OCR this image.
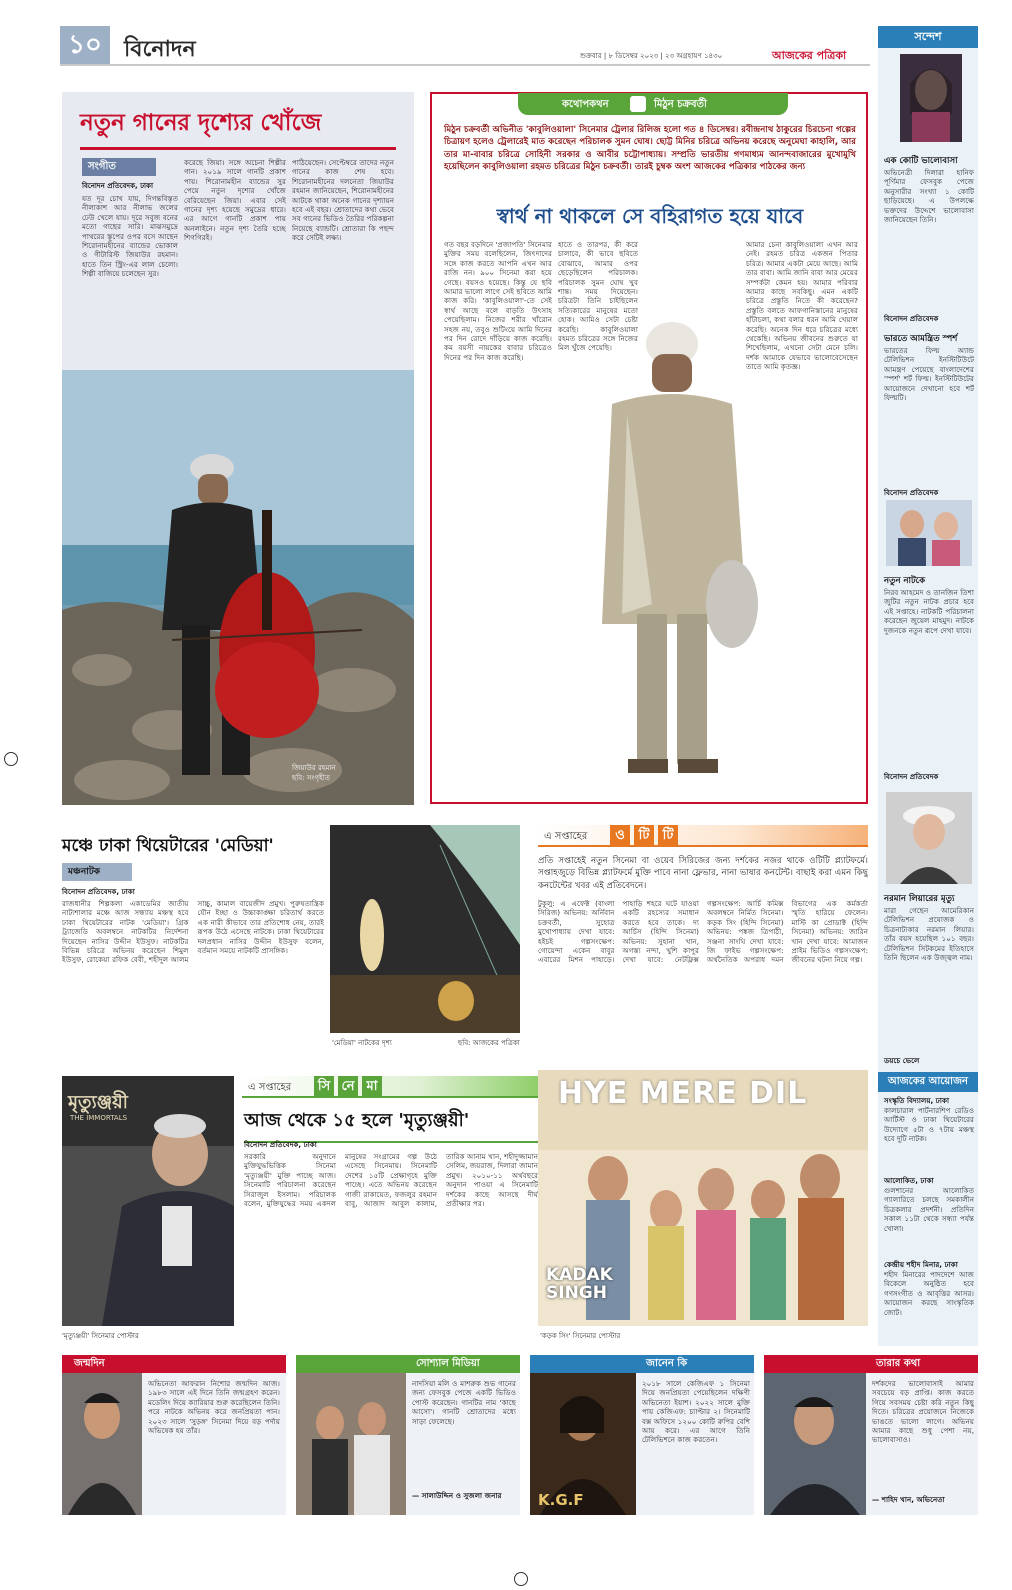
১০	বিনোদন	শুক্রবার | ৮ ডিসেম্বর ২০২৩ | ২৩ অগ্রহায়ণ ১৪৩০	আজকের পত্রিকা
নতুন গানের দৃশ্যের খোঁজে
সংগীত
বিনোদন প্রতিবেদক, ঢাকা
যত দূর চোখ যায়, দিগন্তবিস্তৃত নীলাকাশ আর নীলাভ জলের ঢেউ খেলে যায়। দূরে সবুজ বনের মতো গাছের সারি। মাঝসমুদ্রে পাথরের স্তূপের ওপর বসে আছেন শিরোনামহীনের ব্যান্ডের ভোকাল ও গীটারিস্ট জিয়াউর রহমান। হাতে তিন স্ট্রিং-এর লাল চেলো। শিল্পী বাজিয়ে চলেছেন সুর।
করেছে জিয়া। সঙ্গে অচেনা শিল্পীর গান। ২০১৯ সালে গানটি প্রকাশ পায়। শিরোনামহীন ব্যান্ডের সুর পেয়ে নতুন দৃশ্যের খোঁজে বেরিয়েছেন জিয়া। এবার সেই গানের দৃশ্য হয়েছে সমুদ্রের ধারে। এর আগে গানটি প্রকাশ পায় অনলাইনে। নতুন দৃশ্য তৈরি হচ্ছে শিগগিরই।
পাঠিয়েছেন। সেপ্টেম্বরে তাদের নতুন গানের কাজ শেষ হবে। শিরোনামহীনের দলনেতা জিয়াউর রহমান জানিয়েছেন, শিরোনামহীনের আটকে থাকা অনেক গানের দৃশ্যায়ন হবে এই বছর। শ্রোতাদের কথা ভেবে সব গানের ভিডিও তৈরির পরিকল্পনা নিয়েছে ব্যান্ডটি। শ্রোতারা কি পছন্দ করে সেটিই লক্ষ্য।
জিয়াউর রহমান
ছবি: সংগৃহীত
কথোপকথন	মিঠুন চক্রবর্তী
মিঠুন চক্রবর্তী অভিনীত 'কাবুলিওয়ালা' সিনেমার ট্রেলার রিলিজ হলো গত ৪ ডিসেম্বর। রবীন্দ্রনাথ ঠাকুরের চিরচেনা গল্পের চিত্রায়ণ হলেও ট্রেলারেই মাত করেছেন পরিচালক সুমন ঘোষ। ছোট্ট মিনির চরিত্রে অভিনয় করেছে অনুমেঘা কাহালি, আর তার মা-বাবার চরিত্রে সোহিনী সরকার ও আবীর চট্টোপাধ্যায়। সম্প্রতি ভারতীয় গণমাধ্যম আনন্দবাজারের মুখোমুখি হয়েছিলেন কাবুলিওয়ালা রহমত চরিত্রের মিঠুন চক্রবর্তী। তারই চুম্বক অংশ আজকের পত্রিকার পাঠকের জন্য
স্বার্থ না থাকলে সে বহিরাগত হয়ে যাবে
গত বছর বড়দিনে 'প্রজাপতি' সিনেমার মুক্তির সময় বলেছিলেন, জিৎদাদের সঙ্গে কাজ করতে আপনি এখন আর রাজি নন। ৯০০ সিনেমা করা হয়ে গেছে। বয়সও হয়েছে। কিন্তু যে ছবি আমার ভালো লাগে সেই ছবিতে আমি কাজ করি। 'কাবুলিওয়ালা'-তে সেই স্বার্থ আছে বলে বাড়তি উৎসাহ পেয়েছিলাম। নিজের শরীর খাঁরোন সহজ নয়, তবুও শুটিংয়ে আমি দিনের পর দিন রোদে দাঁড়িয়ে কাজ করেছি। কম বয়সী নায়কের বাবার চরিত্রেও দিনের পর দিন কাজ করেছি।
হাতে ও তারপর, কী করে চালাবে, কী ভাবে ছবিতে বোঝাবে, আমার ওপর ছেড়েছিলেন পরিচালক। পরিচালক সুমন ঘোষ খুব শান্ত। সময় দিয়েছেন। চরিত্রটা তিনি চাইছিলেন সত্যিকারের মানুষের মতো হোক। আমিও সেটা চেষ্টা করেছি। কাবুলিওয়ালা রহমত চরিত্রের সঙ্গে নিজের মিল খুঁজে পেয়েছি।
আমার চেনা কাবুলিওয়ালা এখন আর নেই। রহমত চরিত্র একজন পিতার চরিত্র। আমার একটা মেয়ে আছে। আমি তার বাবা। আমি জানি বাবা আর মেয়ের সম্পর্কটা কেমন হয়। আমার পরিবার আমার কাছে সবকিছু। এমন একটি চরিত্রে প্রস্তুতি নিতে কী করেছেন? প্রস্তুতি বলতে আফগানিস্তানের মানুষের হাঁটাচলা, কথা বলার ধরন আমি খেয়াল করেছি। অনেক দিন ধরে চরিত্রের মধ্যে থেকেছি। অভিনয় জীবনের শুরুতে যা শিখেছিলাম, এখনো সেটা মেনে চলি। দর্শক আমাকে যেভাবে ভালোবেসেছেন তাতে আমি কৃতজ্ঞ।
মঞ্চে ঢাকা থিয়েটারের 'মেডিয়া'
মঞ্চনাটক
বিনোদন প্রতিবেদক, ঢাকা
রাজধানীর শিল্পকলা একাডেমির জাতীয় নাট্যশালার মঞ্চে আজ সন্ধ্যায় মঞ্চস্থ হবে ঢাকা থিয়েটারের নাটক 'মেডিয়া'। গ্রিক ট্র্যাজেডি অবলম্বনে নাটকটির নির্দেশনা দিয়েছেন নাসির উদ্দীন ইউসুফ। নাটকটির বিভিন্ন চরিত্রে অভিনয় করেছেন শিমুল ইউসুফ, রোকেয়া রফিক বেবী, শহীদুল আলম সাচ্চু, কামাল বায়েজীদ প্রমুখ। পুরুষতান্ত্রিক যৌন ইচ্ছা ও উচ্চাকাঙ্ক্ষা চরিতার্থ করতে এক নারী কীভাবে তার প্রতিশোধ নেয়, তারই রূপক উঠে এসেছে নাটকে। ঢাকা থিয়েটারের দলপ্রধান নাসির উদ্দীন ইউসুফ বলেন, বর্তমান সময়ে নাটকটি প্রাসঙ্গিক।
'মেডিয়া' নাটকের দৃশ্য	ছবি: আজকের পত্রিকা
এ সপ্তাহের	ও	টি	টি
প্রতি সপ্তাহেই নতুন সিনেমা বা ওয়েব সিরিজের জন্য দর্শকের নজর থাকে ওটিটি প্ল্যাটফর্মে। সপ্তাহজুড়ে বিভিন্ন প্ল্যাটফর্মে মুক্তি পাবে নানা ফ্লেভার, নানা ভাষার কনটেন্ট। বাছাই করা এমন কিছু কনটেন্টের খবর এই প্রতিবেদনে।
টুকুলু: এ এফেক্ট (বাংলা সিরিজ) অভিনয়: অর্নিবান চক্রবর্তী, সুহোত্র মুখোপাধ্যায় দেখা যাবে: হইচই গল্পসংক্ষেপ: গোয়েন্দা একেন বাবুর এবারের মিশন পাহাড়ে। পাহাড়ি শহরে ঘটে যাওয়া একটি রহস্যের সমাধান করতে হবে তাকে। দ্য আর্চিস (হিন্দি সিনেমা) অভিনয়: সুহানা খান, অগস্ত্য নন্দা, খুশি কাপুর দেখা যাবে: নেটফ্লিক্স গল্পসংক্ষেপ: আর্চি কমিক্স অবলম্বনে নির্মিত সিনেমা। কড়ক সিং (হিন্দি সিনেমা) অভিনয়: পঙ্কজ ত্রিপাঠী, সঞ্জনা সাংঘি দেখা যাবে: জি ফাইভ গল্পসংক্ষেপ: অর্থনৈতিক অপরাধ দমন বিভাগের এক কর্মকর্তা স্মৃতি হারিয়ে ফেলেন। মাস্টি কা প্রোডাক্ট (হিন্দি সিনেমা) অভিনয়: জারিন খান দেখা যাবে: আমাজন প্রাইম ভিডিও গল্পসংক্ষেপ: জীবনের ঘটনা নিয়ে গল্প।
মৃত্যুঞ্জয়ী
THE IMMORTALS
'মৃত্যুঞ্জয়ী' সিনেমার পোস্টার
এ সপ্তাহের সি নে মা
আজ থেকে ১৫ হলে 'মৃত্যুঞ্জয়ী'
বিনোদন প্রতিবেদক, ঢাকা
সরকারি অনুদানে মুক্তিযুদ্ধভিত্তিক সিনেমা 'মৃত্যুঞ্জয়ী' মুক্তি পাচ্ছে আজ। সিনেমাটি পরিচালনা করেছেন সিরাজুল ইসলাম। পরিচালক বলেন, মুক্তিযুদ্ধের সময় একদল মানুষের সংগ্রামের গল্প উঠে এসেছে সিনেমায়। সিনেমাটি দেশের ১৫টি প্রেক্ষাগৃহে মুক্তি পাচ্ছে। এতে অভিনয় করেছেন গাজী রাকায়েত, ফজলুর রহমান বাবু, আজাদ আবুল কালাম, তারিক আনাম খান, শহীদুজ্জামান সেলিম, জয়রাজ, দিলারা জামান প্রমুখ। ২০১০-১১ অর্থবছরে অনুদান পাওয়া এ সিনেমাটি দর্শকের কাছে আসছে দীর্ঘ প্রতীক্ষার পর।
HYE MERE DIL
KADAK SINGH
'কড়ক সিং' সিনেমার পোস্টার
সন্দেশ
এক কোটি ভালোবাসা
অভিনেত্রী দিলারা হানিফ পূর্ণিমার ফেসবুক পেজে অনুসারীর সংখ্যা ১ কোটি ছাড়িয়েছে। এ উপলক্ষে ভক্তদের উদ্দেশে ভালোবাসা জানিয়েছেন তিনি।
বিনোদন প্রতিবেদক
ভারতে আমন্ত্রিত স্পর্শ
ভারতের ফিল্ম অ্যান্ড টেলিভিশন ইনস্টিটিউটে আমন্ত্রণ পেয়েছে বাংলাদেশের 'স্পর্শ' শর্ট ফিল্ম। ইনস্টিটিউটের আয়োজনে দেখানো হবে শর্ট ফিল্মটি।
বিনোদন প্রতিবেদক
নতুন নাটকে
নিরব আহমেদ ও তানজিন তিশা জুটির নতুন নাটক প্রচার হবে এই সপ্তাহে। নাটকটি পরিচালনা করেছেন জুয়েল মাহমুদ। নাটকে দুজনকে নতুন রূপে দেখা যাবে।
বিনোদন প্রতিবেদক
নরমান লিয়ারের মৃত্যু
মারা গেছেন আমেরিকান টেলিভিশন প্রযোজক ও চিত্রনাট্যকার নরমান লিয়ার। তাঁর বয়স হয়েছিল ১০১ বছর। টেলিভিশন সিটকমের ইতিহাসে তিনি ছিলেন এক উজ্জ্বল নাম।
ডয়চে ভেলে
আজকের আয়োজন
সংস্কৃতি বিদ্যালয়, ঢাকা
কালচারাল পার্টনারশিপ রেডিও আর্টিস্ট ও ঢাকা থিয়েটারের উদ্যোগে ৫টা ও ৭টায় মঞ্চস্থ হবে দুটি নাটক।
আলোকিত, ঢাকা
গুলশানের আলোকিত গ্যালারিতে চলছে সমকালীন চিত্রকলার প্রদর্শনী। প্রতিদিন সকাল ১১টা থেকে সন্ধ্যা পর্যন্ত খোলা।
কেন্দ্রীয় শহীদ মিনার, ঢাকা
শহীদ মিনারের পাদদেশে আজ বিকেলে অনুষ্ঠিত হবে গণসংগীত ও আবৃত্তির আসর। আয়োজন করছে সাংস্কৃতিক জোট।
জন্মদিন
অভিনেতা আফরান নিশোর জন্মদিন আজ। ১৯৮৩ সালে এই দিনে তিনি জন্মগ্রহণ করেন। মডেলিং দিয়ে ক্যারিয়ার শুরু করেছিলেন তিনি। পরে নাটকে অভিনয় করে জনপ্রিয়তা পান। ২০২৩ সালে 'সুড়ঙ্গ' সিনেমা দিয়ে বড় পর্দায় অভিষেক হয় তাঁর।
সোশ্যাল মিডিয়া
নাদসিয়া মলি ও মাশরুক শুভ গানের জন্য ফেসবুক পেজে একটি ভিডিও পোস্ট করেছেন। গানটির নাম 'কাছে আসো'। গানটি শ্রোতাদের মধ্যে সাড়া ফেলেছে।
— সালাউদ্দিন ও সুজলা জনার
জানেন কি
K.G.F
২০১৮ সালে কেজিএফ ১ সিনেমা দিয়ে জনপ্রিয়তা পেয়েছিলেন দক্ষিণী অভিনেতা ইয়াশ। ২০২২ সালে মুক্তি পায় কেজিএফ: চ্যাপ্টার ২। সিনেমাটি বক্স অফিসে ১২০০ কোটি রুপির বেশি আয় করে। এর আগে তিনি টেলিভিশনে কাজ করতেন।
তারার কথা
দর্শকদের ভালোবাসাই আমার সবচেয়ে বড় প্রাপ্তি। কাজ করতে গিয়ে সবসময় চেষ্টা করি নতুন কিছু দিতে। চরিত্রের প্রয়োজনে নিজেকে ভাঙতে ভালো লাগে। অভিনয় আমার কাছে শুধু পেশা নয়, ভালোবাসাও।
— শাহিদ খান, অভিনেতা
